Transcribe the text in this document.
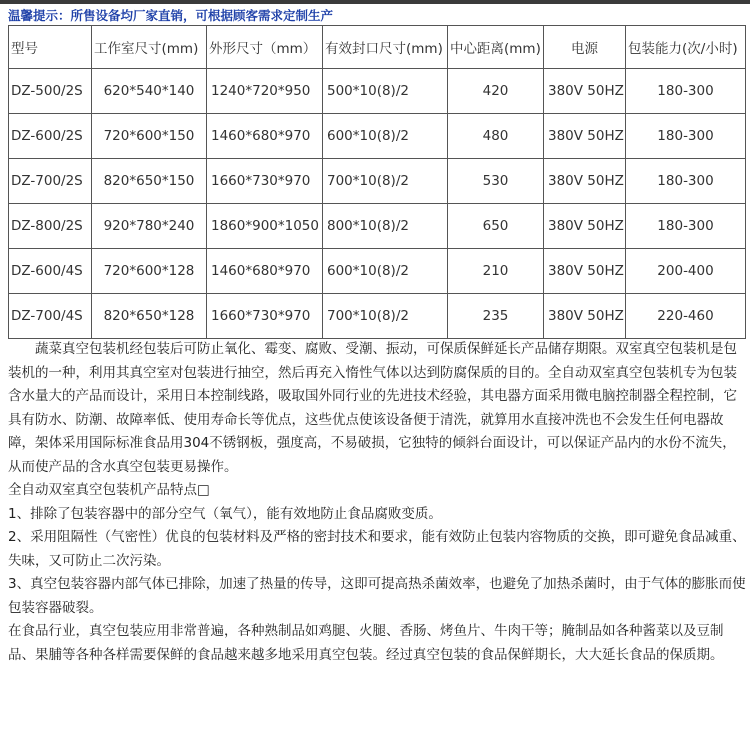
温馨提示：所售设备均厂家直销，可根据顾客需求定制生产
型号	工作室尺寸(mm)	外形尺寸（mm）	有效封口尺寸(mm)	中心距离(mm)	电源	包装能力(次/小时)
DZ-500/2S	620*540*140	1240*720*950	500*10(8)/2	420	380V 50HZ	180-300
DZ-600/2S	720*600*150	1460*680*970	600*10(8)/2	480	380V 50HZ	180-300
DZ-700/2S	820*650*150	1660*730*970	700*10(8)/2	530	380V 50HZ	180-300
DZ-800/2S	920*780*240	1860*900*1050	800*10(8)/2	650	380V 50HZ	180-300
DZ-600/4S	720*600*128	1460*680*970	600*10(8)/2	210	380V 50HZ	200-400
DZ-700/4S	820*650*128	1660*730*970	700*10(8)/2	235	380V 50HZ	220-460

蔬菜真空包装机经包装后可防止氧化、霉变、腐败、受潮、振动，可保质保鲜延长产品储存期限。双室真空包装机是包装机的一种，利用其真空室对包装进行抽空，然后再充入惰性气体以达到防腐保质的目的。全自动双室真空包装机专为包装含水量大的产品而设计，采用日本控制线路，吸取国外同行业的先进技术经验，其电器方面采用微电脑控制器全程控制，它具有防水、防潮、故障率低、使用寿命长等优点，这些优点使该设备便于清洗，就算用水直接冲洗也不会发生任何电器故障，架体采用国际标准食品用304不锈钢板，强度高，不易破损，它独特的倾斜台面设计，可以保证产品内的水份不流失，从而使产品的含水真空包装更易操作。

全自动双室真空包装机产品特点□

1、排除了包装容器中的部分空气（氧气），能有效地防止食品腐败变质。

2、采用阻隔性（气密性）优良的包装材料及严格的密封技术和要求，能有效防止包装内容物质的交换，即可避免食品减重、失味，又可防止二次污染。

3、真空包装容器内部气体已排除，加速了热量的传导，这即可提高热杀菌效率，也避免了加热杀菌时，由于气体的膨胀而使包装容器破裂。

在食品行业，真空包装应用非常普遍，各种熟制品如鸡腿、火腿、香肠、烤鱼片、牛肉干等；腌制品如各种酱菜以及豆制品、果脯等各种各样需要保鲜的食品越来越多地采用真空包装。经过真空包装的食品保鲜期长，大大延长食品的保质期。
